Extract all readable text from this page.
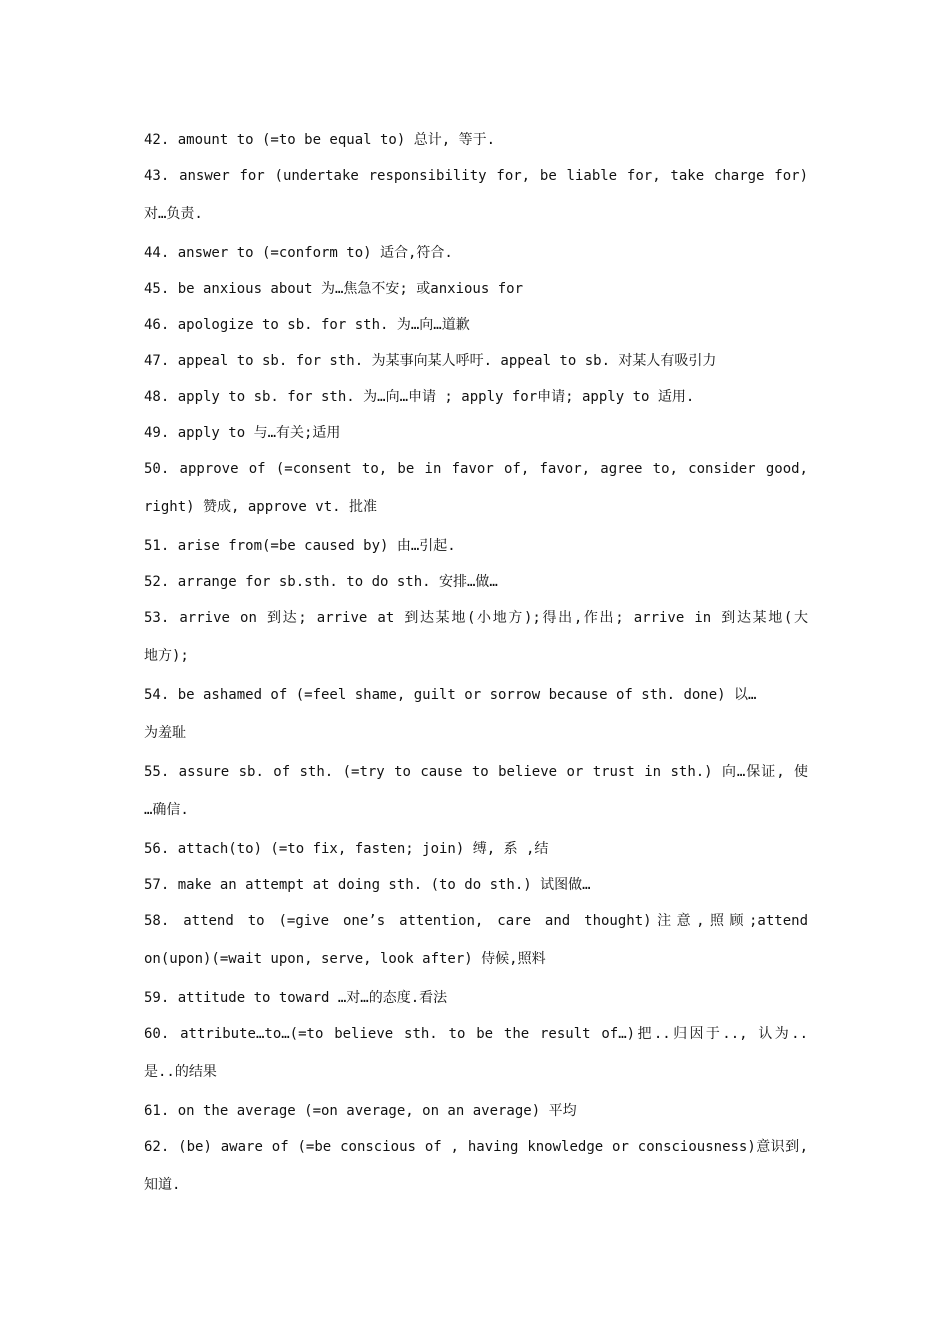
42. amount to (=to be equal to) 总计, 等于.
43. answer for (undertake responsibility for, be liable for, take charge for)
对…负责.
44. answer to (=conform to) 适合,符合.
45. be anxious about 为…焦急不安; 或anxious for
46. apologize to sb. for sth. 为…向…道歉
47. appeal to sb. for sth. 为某事向某人呼吁. appeal to sb. 对某人有吸引力
48. apply to sb. for sth. 为…向…申请 ; apply for申请; apply to 适用.
49. apply to 与…有关;适用
50. approve of (=consent to, be in favor of, favor, agree to, consider good,
right) 赞成, approve vt. 批准
51. arise from(=be caused by) 由…引起.
52. arrange for sb.sth. to do sth. 安排…做…
53. arrive on 到达; arrive at 到达某地(小地方);得出,作出; arrive in 到达某地(大
地方);
54. be ashamed of (=feel shame, guilt or sorrow because of sth. done) 以…
为羞耻
55. assure sb. of sth. (=try to cause to believe or trust in sth.) 向…保证, 使
…确信.
56. attach(to) (=to fix, fasten; join) 缚, 系 ,结
57. make an attempt at doing sth. (to do sth.) 试图做…
58. attend to (=give one’s attention, care and thought)注意,照顾;attend
on(upon)(=wait upon, serve, look after) 侍候,照料
59. attitude to toward …对…的态度.看法
60. attribute…to…(=to believe sth. to be the result of…)把..归因于.., 认为..
是..的结果
61. on the average (=on average, on an average) 平均
62. (be) aware of (=be conscious of , having knowledge or consciousness)意识到,
知道.
